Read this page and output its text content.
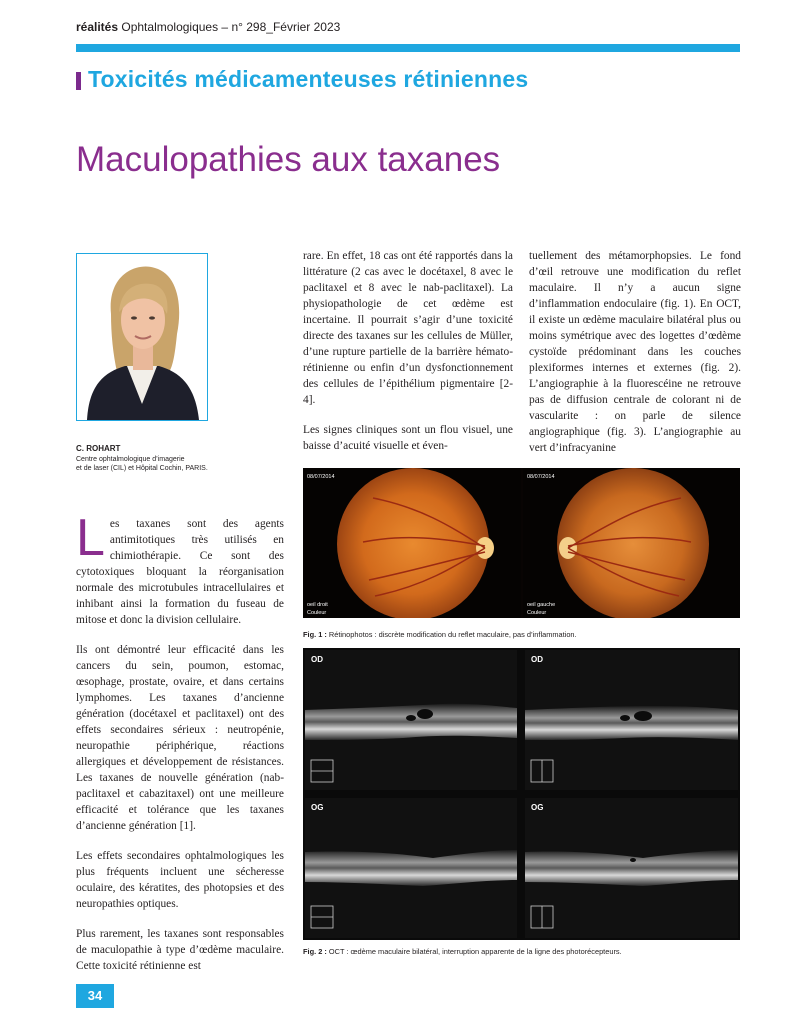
réalités Ophtalmologiques – n° 298_Février 2023
Toxicités médicamenteuses rétiniennes
Maculopathies aux taxanes
C. ROHART
Centre ophtalmologique d’imagerie
et de laser (CIL) et Hôpital Cochin, PARIS.

Les taxanes sont des agents antimitotiques très utilisés en chimiothérapie. Ce sont des cytotoxiques bloquant la réorganisation normale des microtubules intracellulaires et inhibant ainsi la formation du fuseau de mitose et donc la division cellulaire.

Ils ont démontré leur efficacité dans les cancers du sein, poumon, estomac, œsophage, prostate, ovaire, et dans certains lymphomes. Les taxanes d’ancienne génération (docétaxel et paclitaxel) ont des effets secondaires sérieux : neutropénie, neuropathie périphérique, réactions allergiques et développement de résistances. Les taxanes de nouvelle génération (nab-paclitaxel et cabazitaxel) ont une meilleure efficacité et tolérance que les taxanes d’ancienne génération [1].

Les effets secondaires ophtalmologiques les plus fréquents incluent une sécheresse oculaire, des kératites, des photopsies et des neuropathies optiques.

Plus rarement, les taxanes sont responsables de maculopathie à type d’œdème maculaire. Cette toxicité rétinienne est

rare. En effet, 18 cas ont été rapportés dans la littérature (2 cas avec le docétaxel, 8 avec le paclitaxel et 8 avec le nab-paclitaxel). La physiopathologie de cet œdème est incertaine. Il pourrait s’agir d’une toxicité directe des taxanes sur les cellules de Müller, d’une rupture partielle de la barrière hémato-rétinienne ou enfin d’un dysfonctionnement des cellules de l’épithélium pigmentaire [2-4].

Les signes cliniques sont un flou visuel, une baisse d’acuité visuelle et éven-

tuellement des métamorphopsies. Le fond d’œil retrouve une modification du reflet maculaire. Il n’y a aucun signe d’inflammation endoculaire (fig. 1). En OCT, il existe un œdème maculaire bilatéral plus ou moins symétrique avec des logettes d’œdème cystoïde prédominant dans les couches plexiformes internes et externes (fig. 2). L’angiographie à la fluorescéine ne retrouve pas de diffusion centrale de colorant ni de vascularite : on parle de silence angiographique (fig. 3). L’angiographie au vert d’infracyanine

08/07/2014	08/07/2014
oeil droit
Couleur
oeil gauche
Couleur
Fig. 1 : Rétinophotos : discrète modification du reflet maculaire, pas d’inflammation.
OD	OD
OG	OG
Fig. 2 : OCT : œdème maculaire bilatéral, interruption apparente de la ligne des photorécepteurs.
34
